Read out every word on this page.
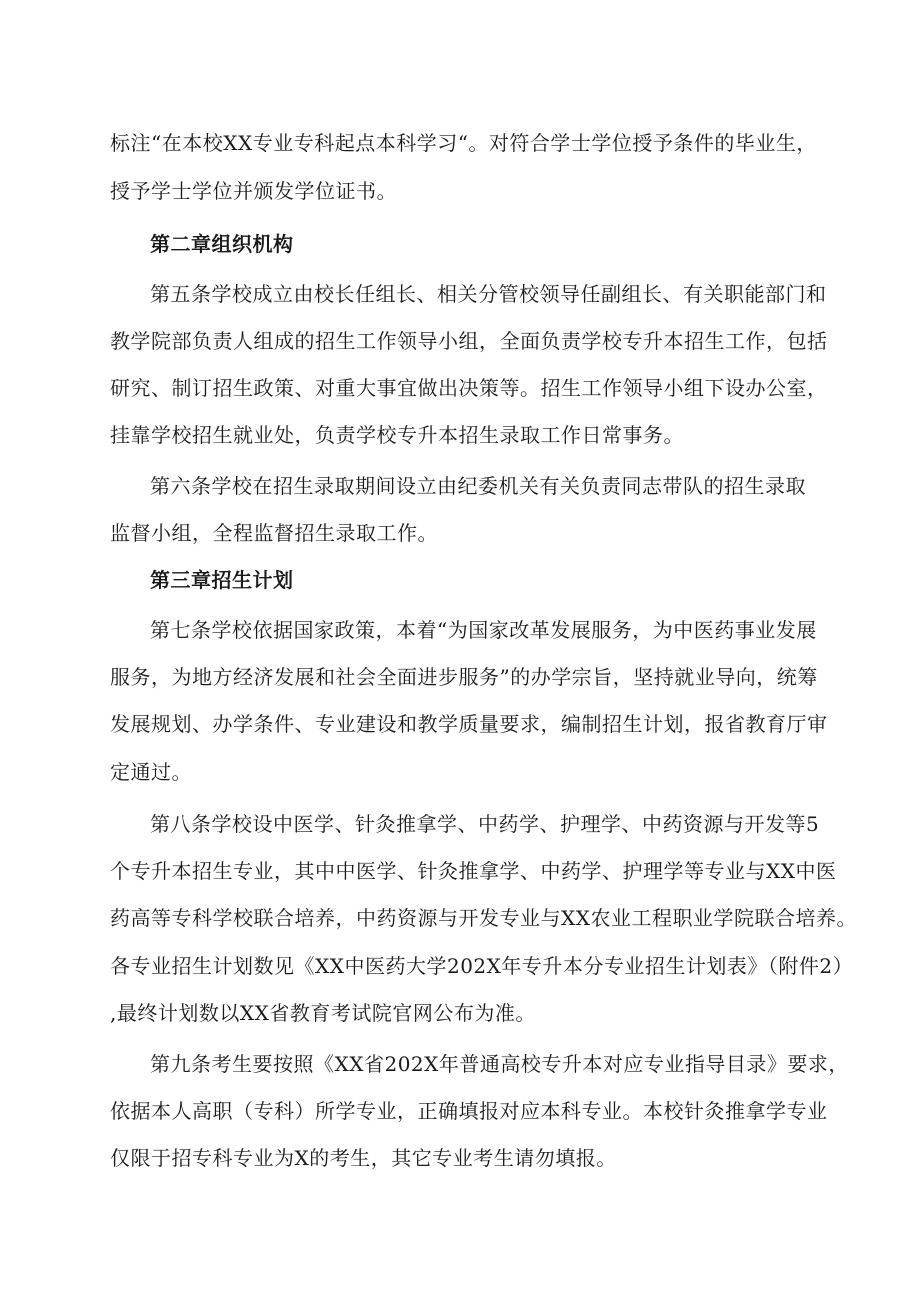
标注“在本校XX专业专科起点本科学习“。对符合学士学位授予条件的毕业生，
授予学士学位并颁发学位证书。
第二章组织机构
第五条学校成立由校长任组长、相关分管校领导任副组长、有关职能部门和
教学院部负责人组成的招生工作领导小组，全面负责学校专升本招生工作，包括
研究、制订招生政策、对重大事宜做出决策等。招生工作领导小组下设办公室，
挂靠学校招生就业处，负责学校专升本招生录取工作日常事务。
第六条学校在招生录取期间设立由纪委机关有关负责同志带队的招生录取
监督小组，全程监督招生录取工作。
第三章招生计划
第七条学校依据国家政策，本着“为国家改革发展服务，为中医药事业发展
服务，为地方经济发展和社会全面进步服务”的办学宗旨，坚持就业导向，统筹
发展规划、办学条件、专业建设和教学质量要求，编制招生计划，报省教育厅审
定通过。
第八条学校设中医学、针灸推拿学、中药学、护理学、中药资源与开发等5
个专升本招生专业，其中中医学、针灸推拿学、中药学、护理学等专业与XX中医
药高等专科学校联合培养，中药资源与开发专业与XX农业工程职业学院联合培养。
各专业招生计划数见《XX中医药大学202X年专升本分专业招生计划表》（附件2）
,最终计划数以XX省教育考试院官网公布为准。
第九条考生要按照《XX省202X年普通高校专升本对应专业指导目录》要求，
依据本人高职（专科）所学专业，正确填报对应本科专业。本校针灸推拿学专业
仅限于招专科专业为X的考生，其它专业考生请勿填报。
